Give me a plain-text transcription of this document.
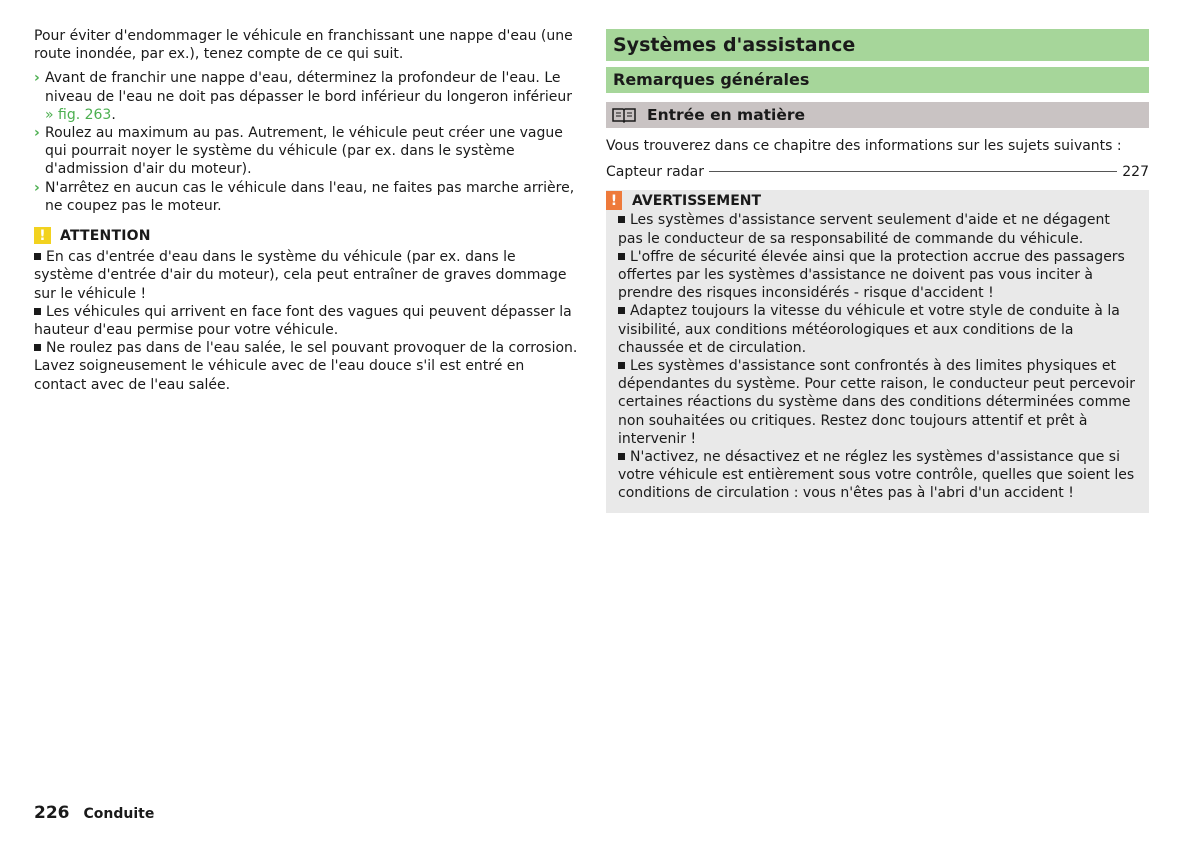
Pour éviter d'endommager le véhicule en franchissant une nappe d'eau (une route inondée, par ex.), tenez compte de ce qui suit.

› Avant de franchir une nappe d'eau, déterminez la profondeur de l'eau. Le niveau de l'eau ne doit pas dépasser le bord inférieur du longeron inférieur » fig. 263.
› Roulez au maximum au pas. Autrement, le véhicule peut créer une vague qui pourrait noyer le système du véhicule (par ex. dans le système d'admission d'air du moteur).
› N'arrêtez en aucun cas le véhicule dans l'eau, ne faites pas marche arrière, ne coupez pas le moteur.
!	ATTENTION

En cas d'entrée d'eau dans le système du véhicule (par ex. dans le système d'entrée d'air du moteur), cela peut entraîner de graves dommage sur le véhicule !

Les véhicules qui arrivent en face font des vagues qui peuvent dépasser la hauteur d'eau permise pour votre véhicule.

Ne roulez pas dans de l'eau salée, le sel pouvant provoquer de la corrosion. Lavez soigneusement le véhicule avec de l'eau douce s'il est entré en contact avec de l'eau salée.

Systèmes d'assistance
Remarques générales
Entrée en matière

Vous trouverez dans ce chapitre des informations sur les sujets suivants :

Capteur radar	227
!	AVERTISSEMENT

Les systèmes d'assistance servent seulement d'aide et ne dégagent pas le conducteur de sa responsabilité de commande du véhicule.

L'offre de sécurité élevée ainsi que la protection accrue des passagers offertes par les systèmes d'assistance ne doivent pas vous inciter à prendre des risques inconsidérés - risque d'accident !

Adaptez toujours la vitesse du véhicule et votre style de conduite à la visibilité, aux conditions météorologiques et aux conditions de la chaussée et de circulation.

Les systèmes d'assistance sont confrontés à des limites physiques et dépendantes du système. Pour cette raison, le conducteur peut percevoir certaines réactions du système dans des conditions déterminées comme non souhaitées ou critiques. Restez donc toujours attentif et prêt à intervenir !

N'activez, ne désactivez et ne réglez les systèmes d'assistance que si votre véhicule est entièrement sous votre contrôle, quelles que soient les conditions de circulation : vous n'êtes pas à l'abri d'un accident !

226 Conduite
